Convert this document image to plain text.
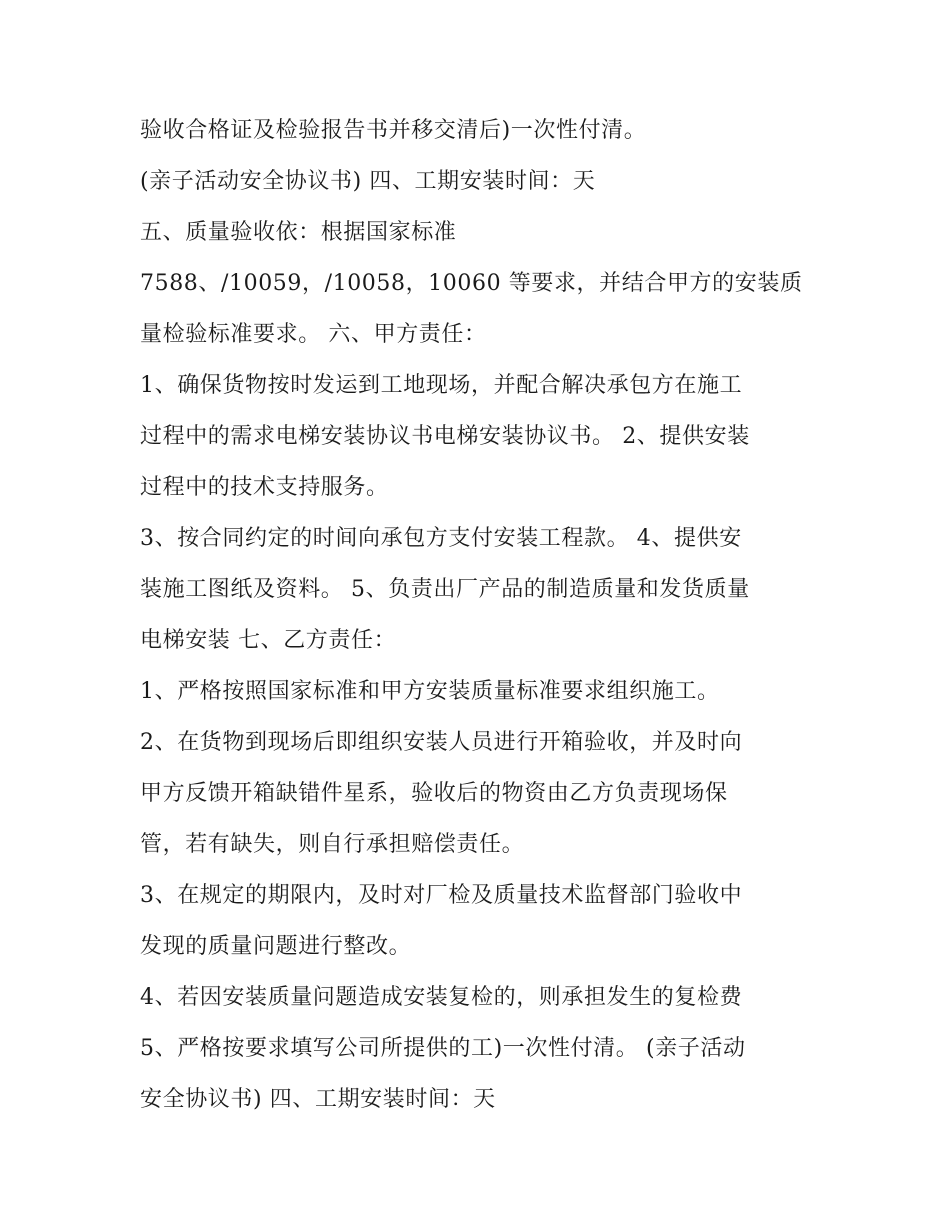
验收合格证及检验报告书并移交清后)一次性付清。
(亲子活动安全协议书) 四、工期安装时间：天
五、质量验收依：根据国家标准
7588、/10059，/10058，10060 等要求，并结合甲方的安装质
量检验标准要求。 六、甲方责任：
1、确保货物按时发运到工地现场，并配合解决承包方在施工
过程中的需求电梯安装协议书电梯安装协议书。 2、提供安装
过程中的技术支持服务。
3、按合同约定的时间向承包方支付安装工程款。 4、提供安
装施工图纸及资料。 5、负责出厂产品的制造质量和发货质量
电梯安装 七、乙方责任：
1、严格按照国家标准和甲方安装质量标准要求组织施工。
2、在货物到现场后即组织安装人员进行开箱验收，并及时向
甲方反馈开箱缺错件星系，验收后的物资由乙方负责现场保
管，若有缺失，则自行承担赔偿责任。
3、在规定的期限内，及时对厂检及质量技术监督部门验收中
发现的质量问题进行整改。
4、若因安装质量问题造成安装复检的，则承担发生的复检费
5、严格按要求填写公司所提供的工)一次性付清。 (亲子活动
安全协议书) 四、工期安装时间：天
